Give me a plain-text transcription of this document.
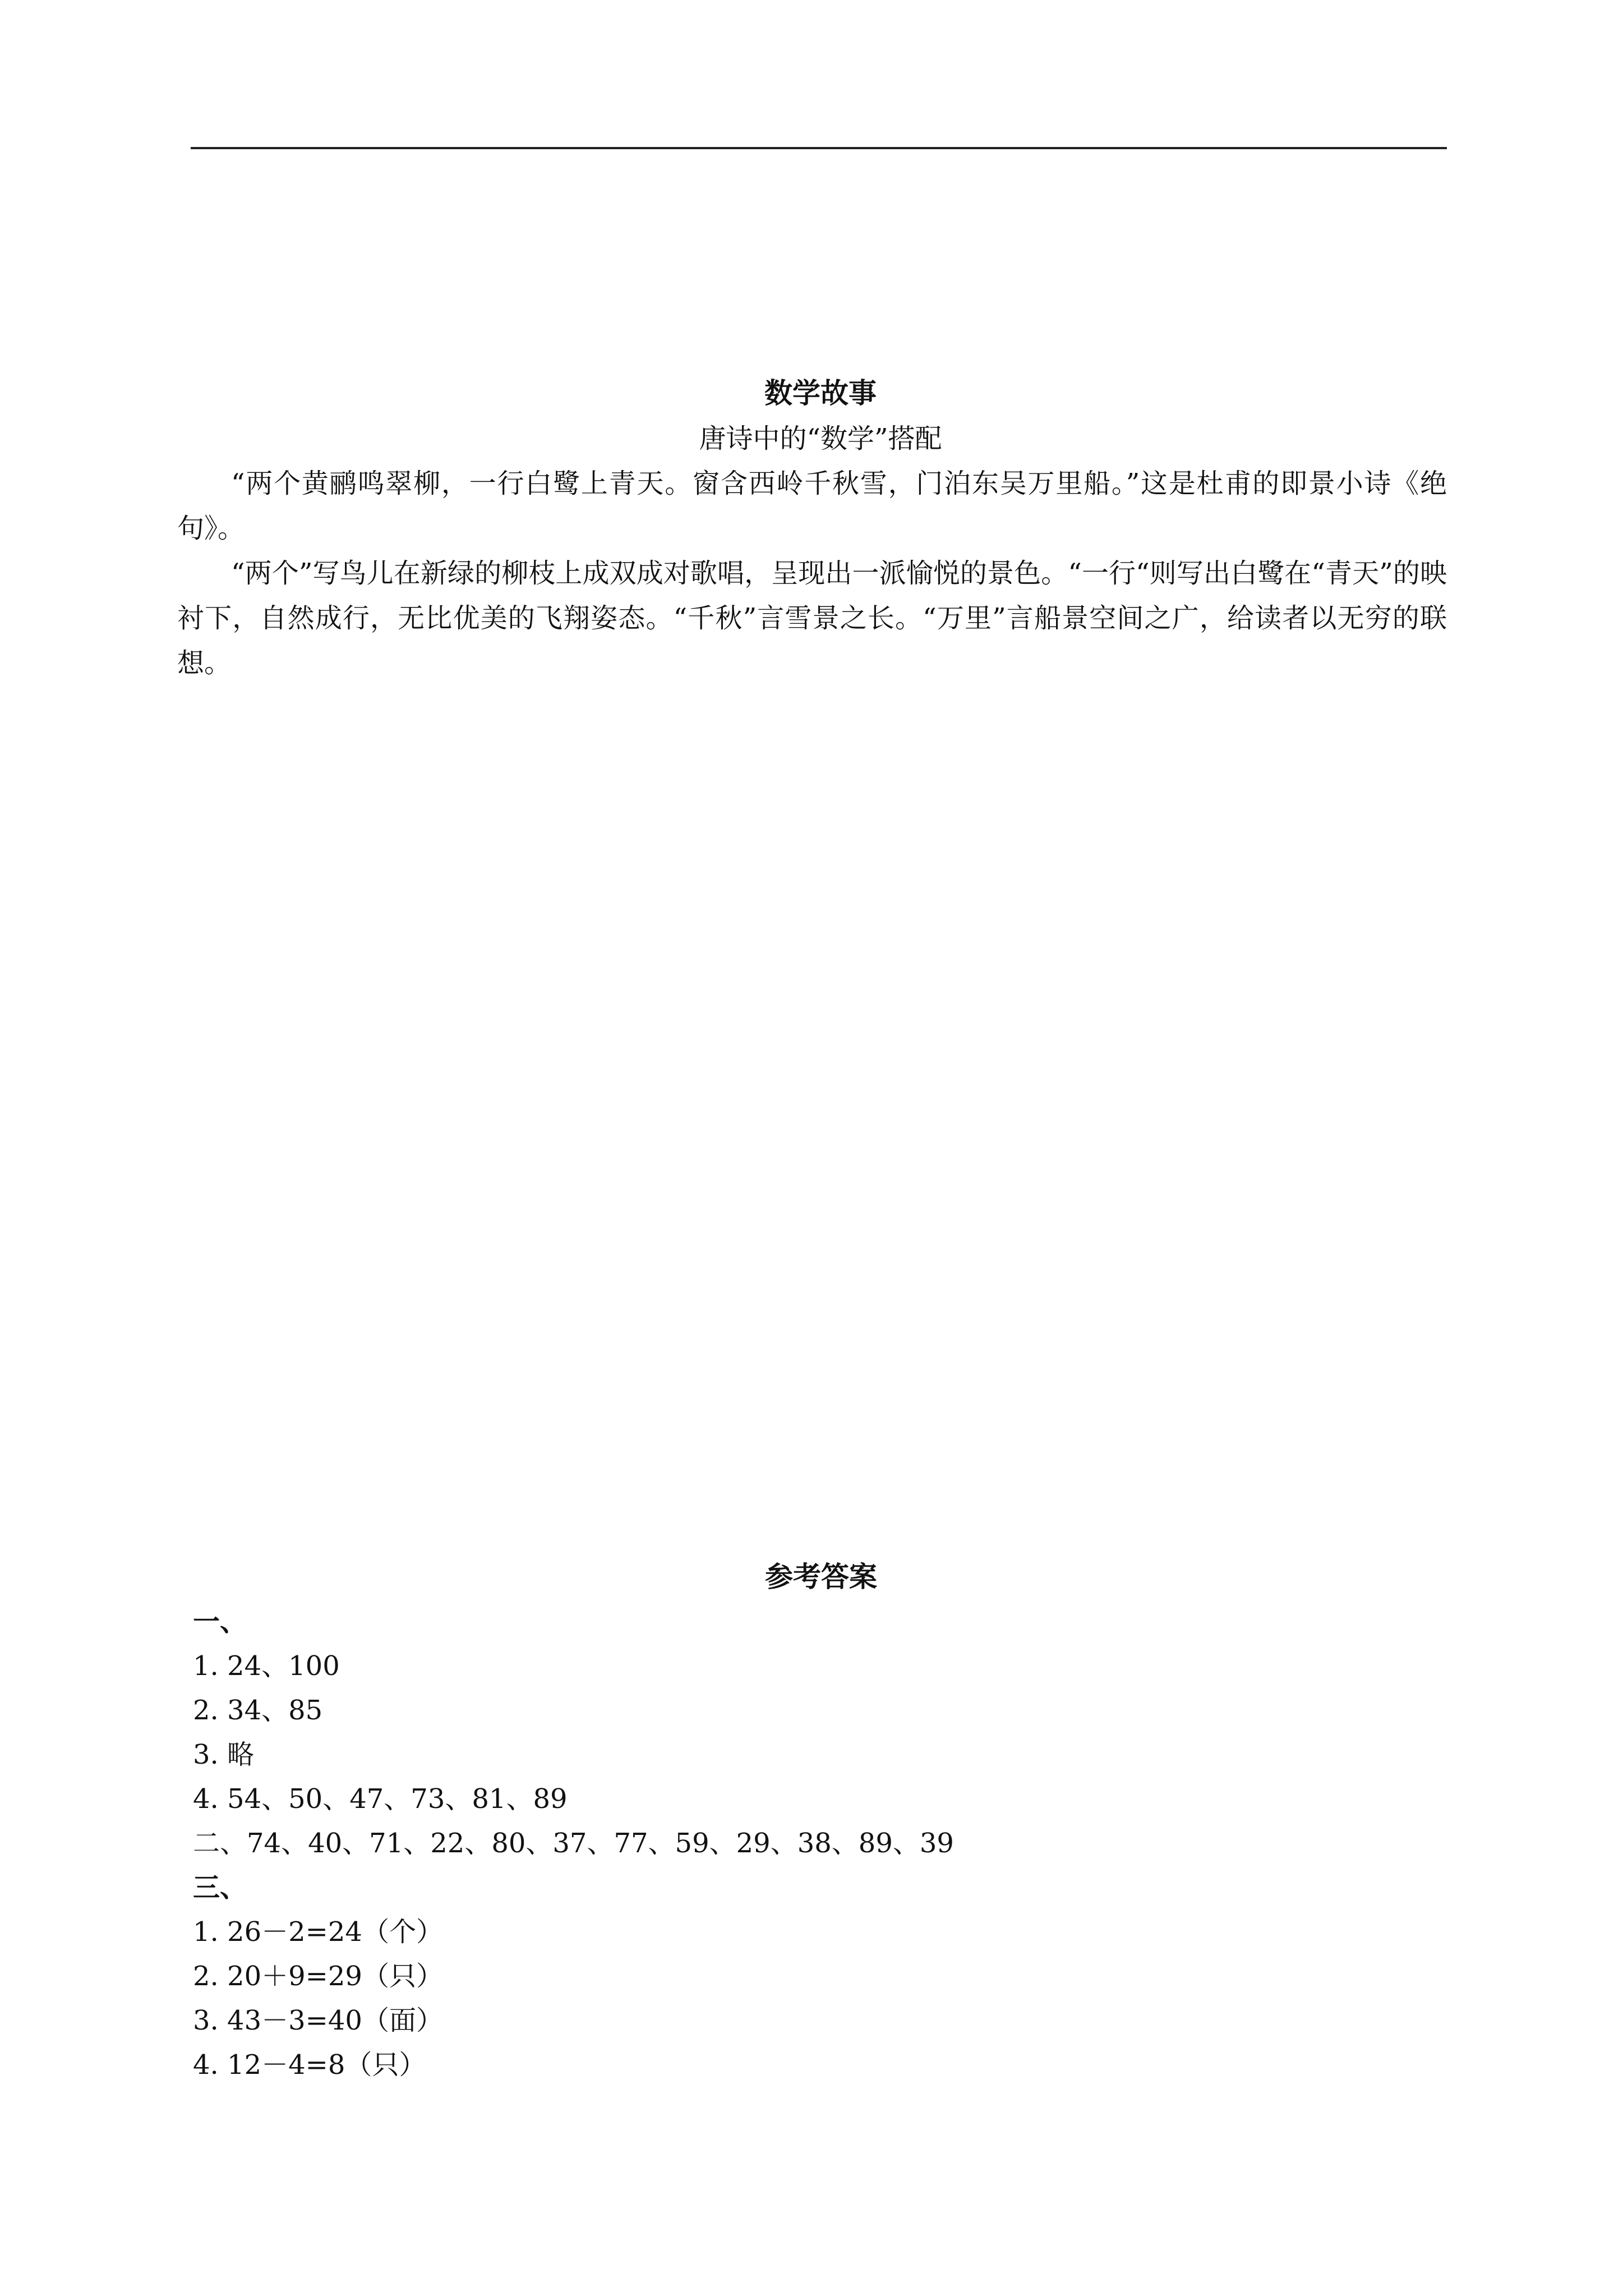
数学故事

唐诗中的“数学”搭配

“两个黄鹂鸣翠柳，一行白鹭上青天。窗含西岭千秋雪，门泊东吴万里船。”这是杜甫的即景小诗《绝句》。

“两个”写鸟儿在新绿的柳枝上成双成对歌唱，呈现出一派愉悦的景色。“一行“则写出白鹭在“青天”的映衬下，自然成行，无比优美的飞翔姿态。“千秋”言雪景之长。“万里”言船景空间之广，给读者以无穷的联想。

参考答案

一、

1. 24、100

2. 34、85

3. 略

4. 54、50、47、73、81、89

二、74、40、71、22、80、37、77、59、29、38、89、39

三、

1. 26－2=24（个）

2. 20＋9=29（只）

3. 43－3=40（面）

4. 12－4=8（只）
